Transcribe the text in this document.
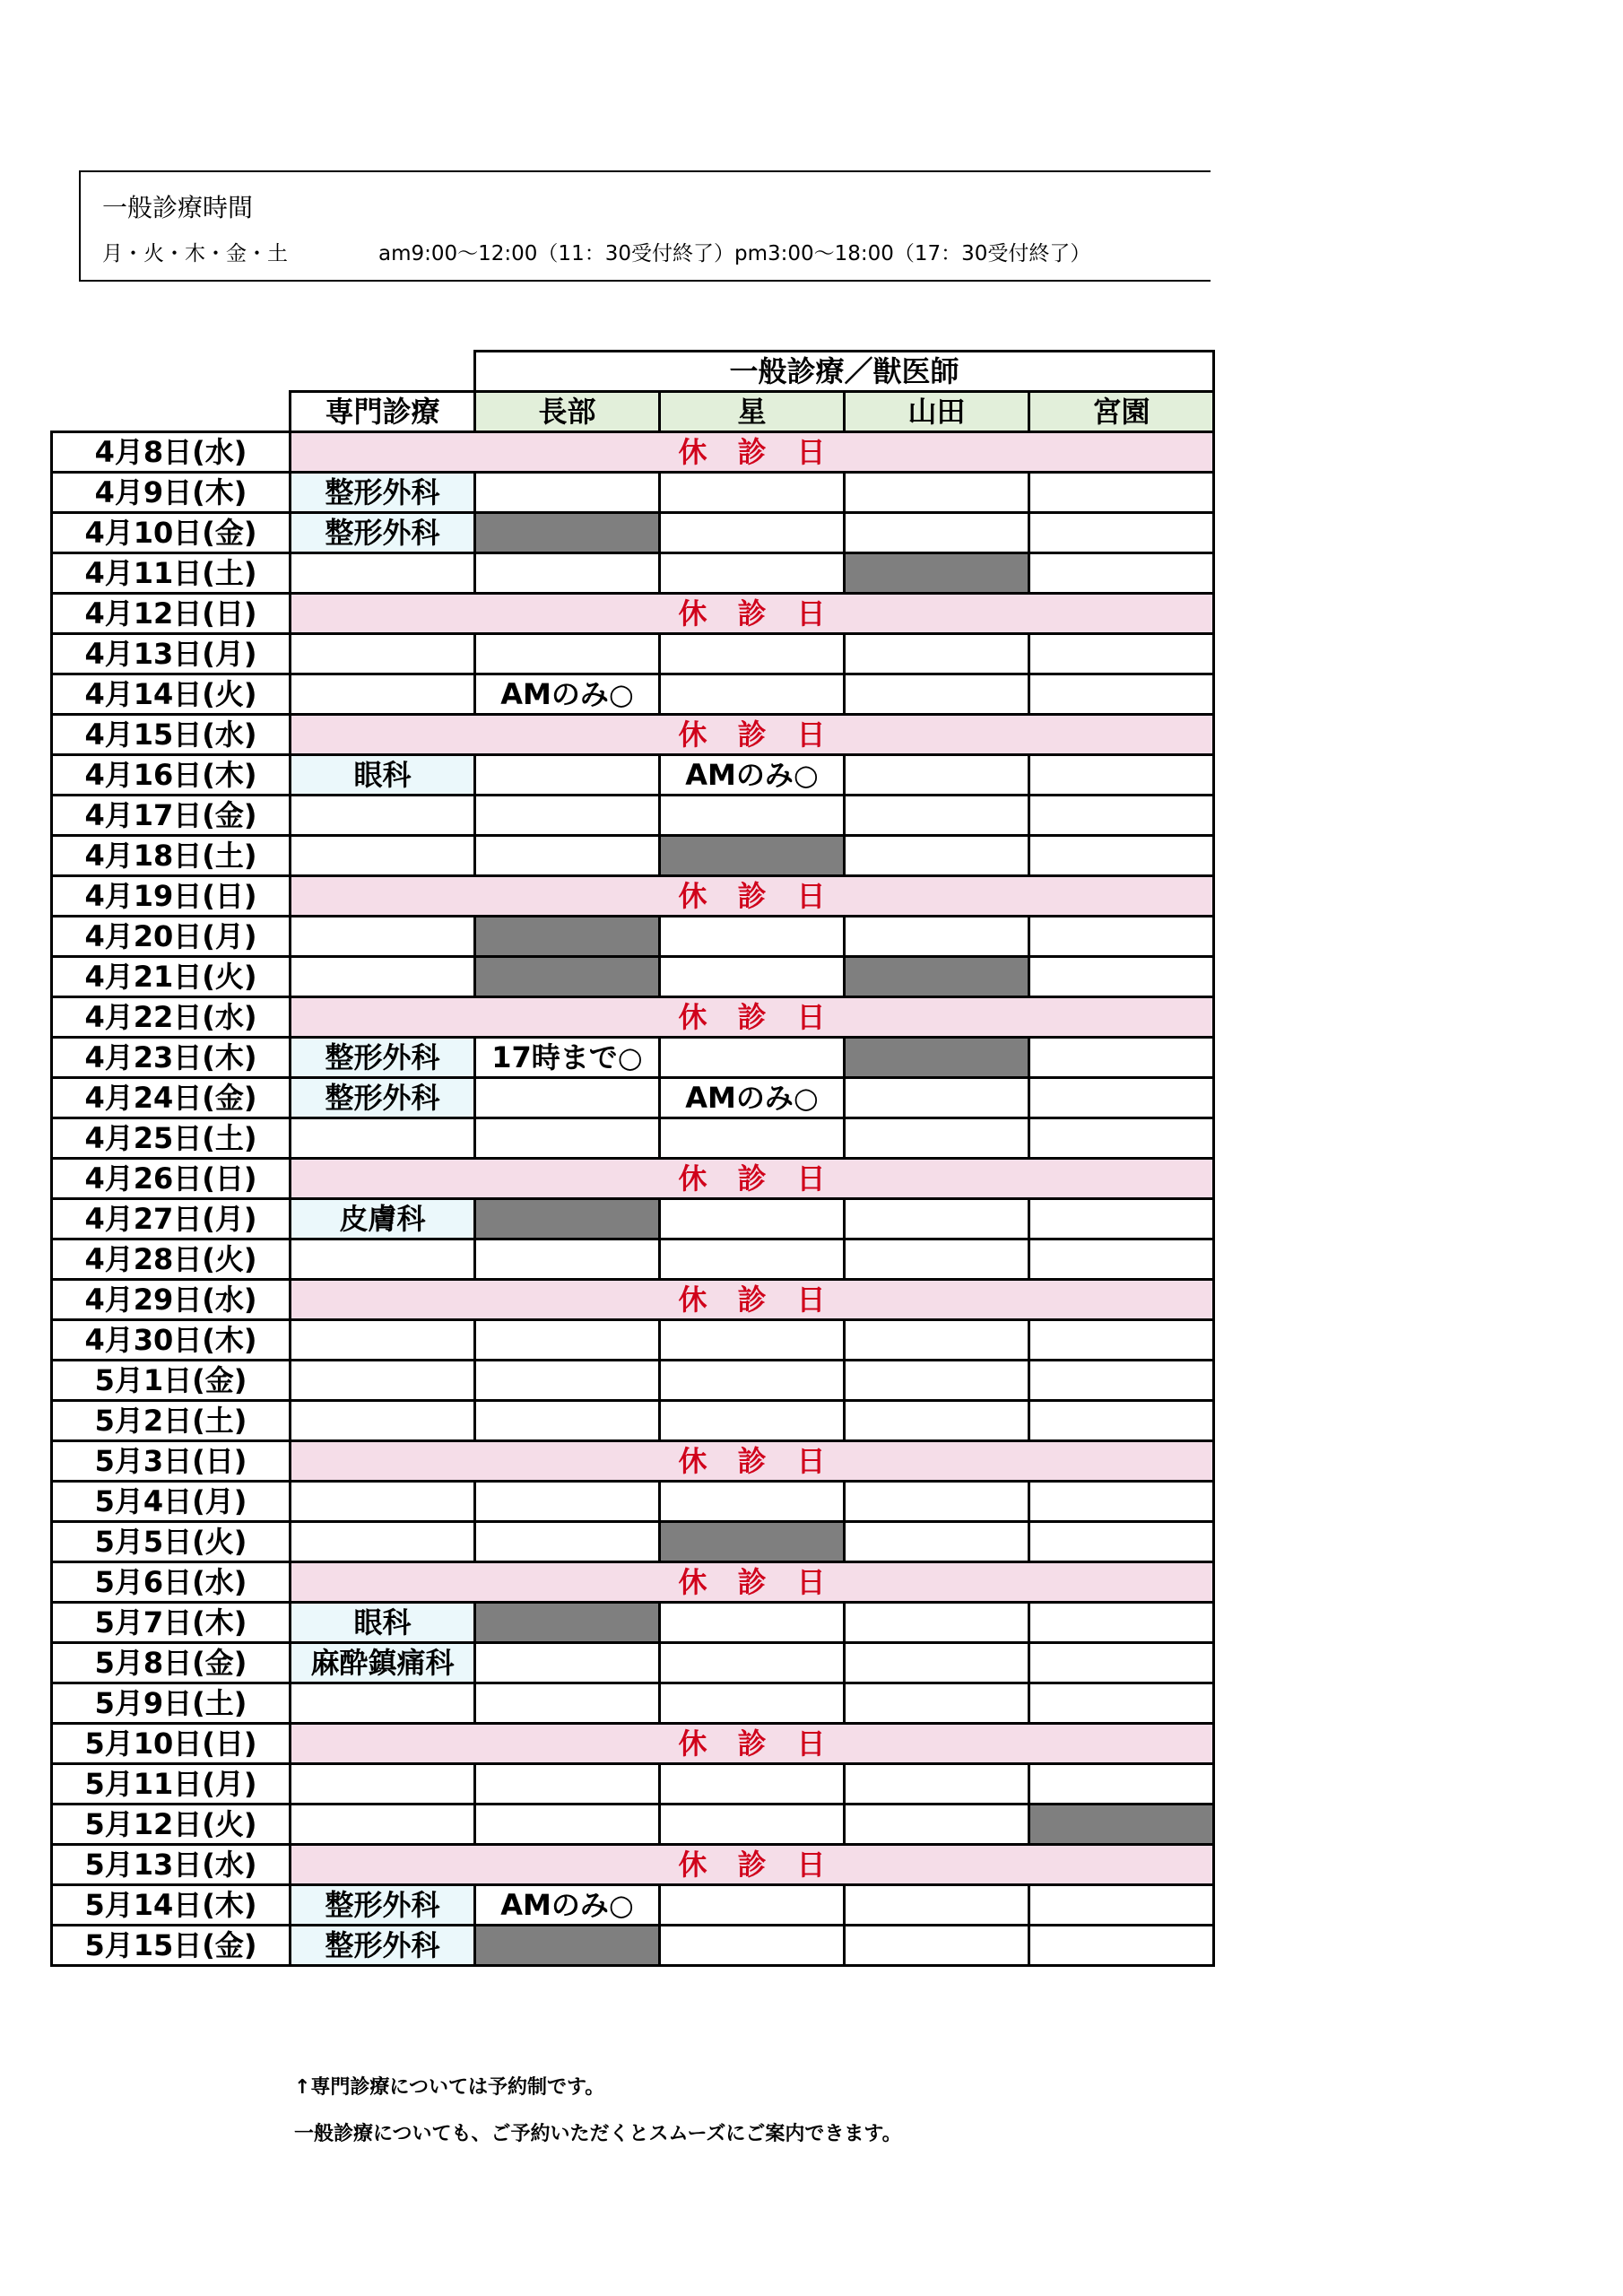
一般診療時間
月・火・木・金・土	am9:00～12:00（11：30受付終了）pm3:00～18:00（17：30受付終了）
		一般診療／獣医師			
	専門診療	長部	星	山田	宮園
4月8日(水)	休 診 日				
4月9日(木)	整形外科				
4月10日(金)	整形外科				
4月11日(土)					
4月12日(日)	休 診 日				
4月13日(月)					
4月14日(火)		AMのみ○			
4月15日(水)	休 診 日				
4月16日(木)	眼科		AMのみ○		
4月17日(金)					
4月18日(土)					
4月19日(日)	休 診 日				
4月20日(月)					
4月21日(火)					
4月22日(水)	休 診 日				
4月23日(木)	整形外科	17時まで○			
4月24日(金)	整形外科		AMのみ○		
4月25日(土)					
4月26日(日)	休 診 日				
4月27日(月)	皮膚科				
4月28日(火)					
4月29日(水)	休 診 日				
4月30日(木)					
5月1日(金)					
5月2日(土)					
5月3日(日)	休 診 日				
5月4日(月)					
5月5日(火)					
5月6日(水)	休 診 日				
5月7日(木)	眼科				
5月8日(金)	麻酔鎮痛科				
5月9日(土)					
5月10日(日)	休 診 日				
5月11日(月)					
5月12日(火)					
5月13日(水)	休 診 日				
5月14日(木)	整形外科	AMのみ○			
5月15日(金)	整形外科				
↑専門診療については予約制です。
一般診療についても、ご予約いただくとスムーズにご案内できます。
